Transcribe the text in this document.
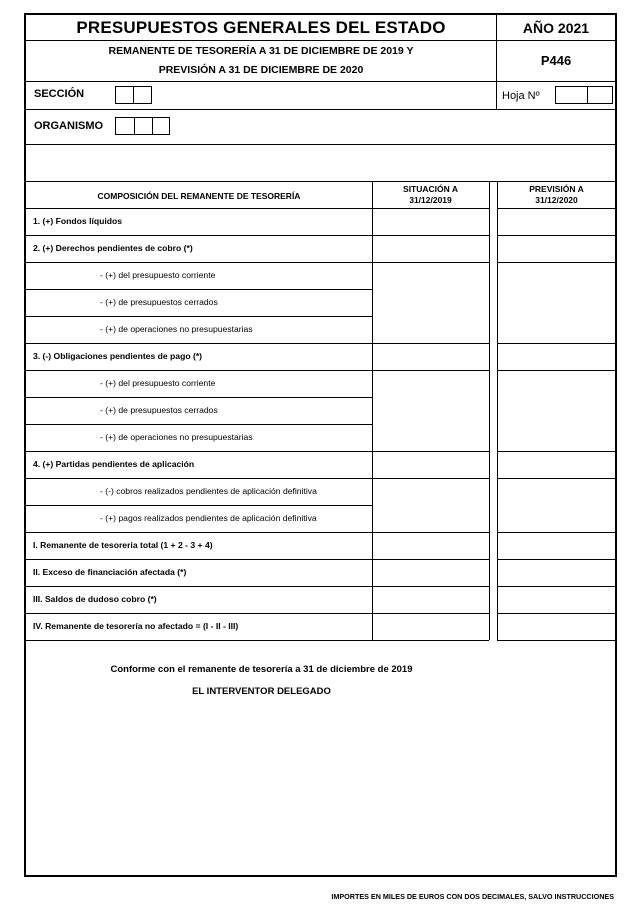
PRESUPUESTOS GENERALES DEL ESTADO	AÑO 2021
REMANENTE DE TESORERÍA A 31 DE DICIEMBRE DE 2019 Y
PREVISIÓN A 31 DE DICIEMBRE DE 2020
P446
SECCIÓN	Hoja Nº
ORGANISMO
COMPOSICIÓN DEL REMANENTE DE TESORERÍA
SITUACIÓN A
31/12/2019
PREVISIÓN A
31/12/2020
1. (+) Fondos líquidos
2. (+) Derechos pendientes de cobro (*)
- (+) del presupuesto corriente
- (+) de presupuestos cerrados
- (+) de operaciones no presupuestarias
3. (-) Obligaciones pendientes de pago (*)
- (+) del presupuesto corriente
- (+) de presupuestos cerrados
- (+) de operaciones no presupuestarias
4. (+) Partidas pendientes de aplicación
- (-) cobros realizados pendientes de aplicación definitiva
- (+) pagos realizados pendientes de aplicación definitiva
I. Remanente de tesorería total (1 + 2 - 3 + 4)
II. Exceso de financiación afectada (*)
III. Saldos de dudoso cobro (*)
IV. Remanente de tesorería no afectado = (I - II - III)
Conforme con el remanente de tesorería a 31 de diciembre de 2019
EL INTERVENTOR DELEGADO
IMPORTES EN MILES DE EUROS CON DOS DECIMALES, SALVO INSTRUCCIONES
